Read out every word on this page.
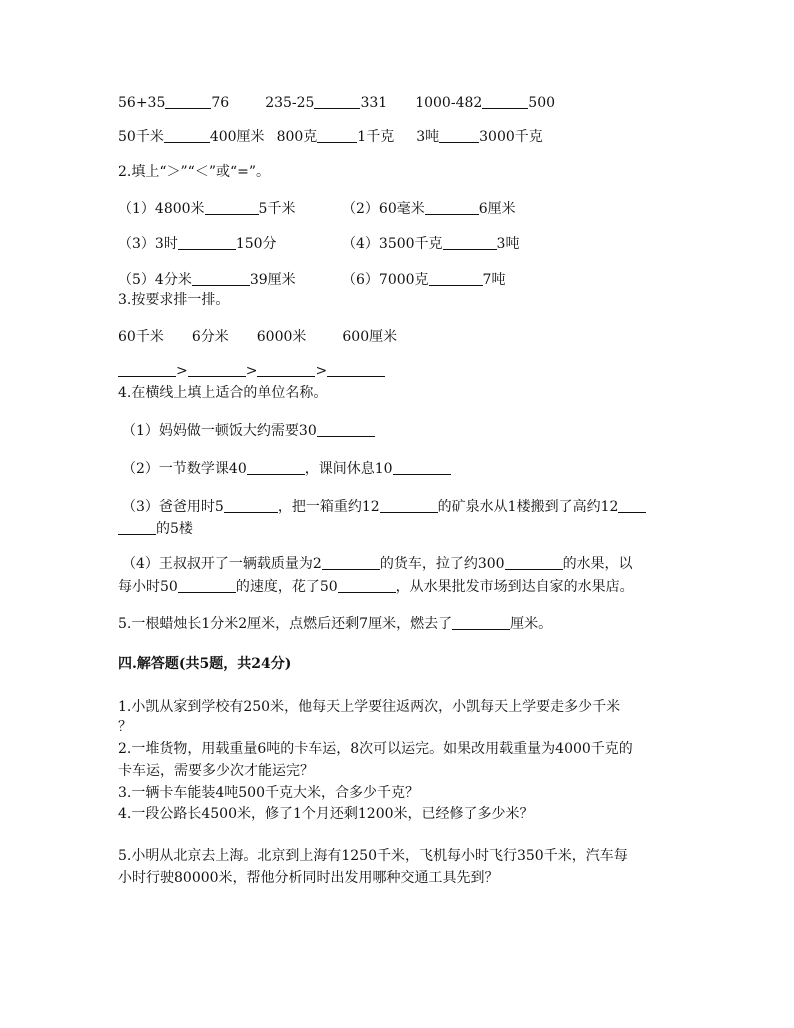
56+35	76	235-25	331 1000-482	500
50千米	400厘米 800克	1千克 3吨	3000千克
2.填上“＞”“＜”或“=”。
（1）4800米	5千米	（2）60毫米	6厘米
（3）3时	150分	（4）3500千克	3吨
（5）4分米	39厘米	（6）7000克	7吨
3.按要求排一排。
60千米 6分米 6000米	600厘米
>	>	>
4.在横线上填上适合的单位名称。
（1）妈妈做一顿饭大约需要30
（2）一节数学课40	，课间休息10
（3）爸爸用时5	，把一箱重约12	的矿泉水从1楼搬到了高约12
的5楼
（4）王叔叔开了一辆载质量为2	的货车，拉了约300	的水果，以
每小时50	的速度，花了50	，从水果批发市场到达自家的水果店。
5.一根蜡烛长1分米2厘米，点燃后还剩7厘米，燃去了	厘米。
四.解答题(共5题，共24分)
1.小凯从家到学校有250米，他每天上学要往返两次，小凯每天上学要走多少千米
？
2.一堆货物，用载重量6吨的卡车运，8次可以运完。如果改用载重量为4000千克的
卡车运，需要多少次才能运完？
3.一辆卡车能装4吨500千克大米，合多少千克？
4.一段公路长4500米，修了1个月还剩1200米，已经修了多少米？
5.小明从北京去上海。北京到上海有1250千米，飞机每小时飞行350千米，汽车每
小时行驶80000米，帮他分析同时出发用哪种交通工具先到？
